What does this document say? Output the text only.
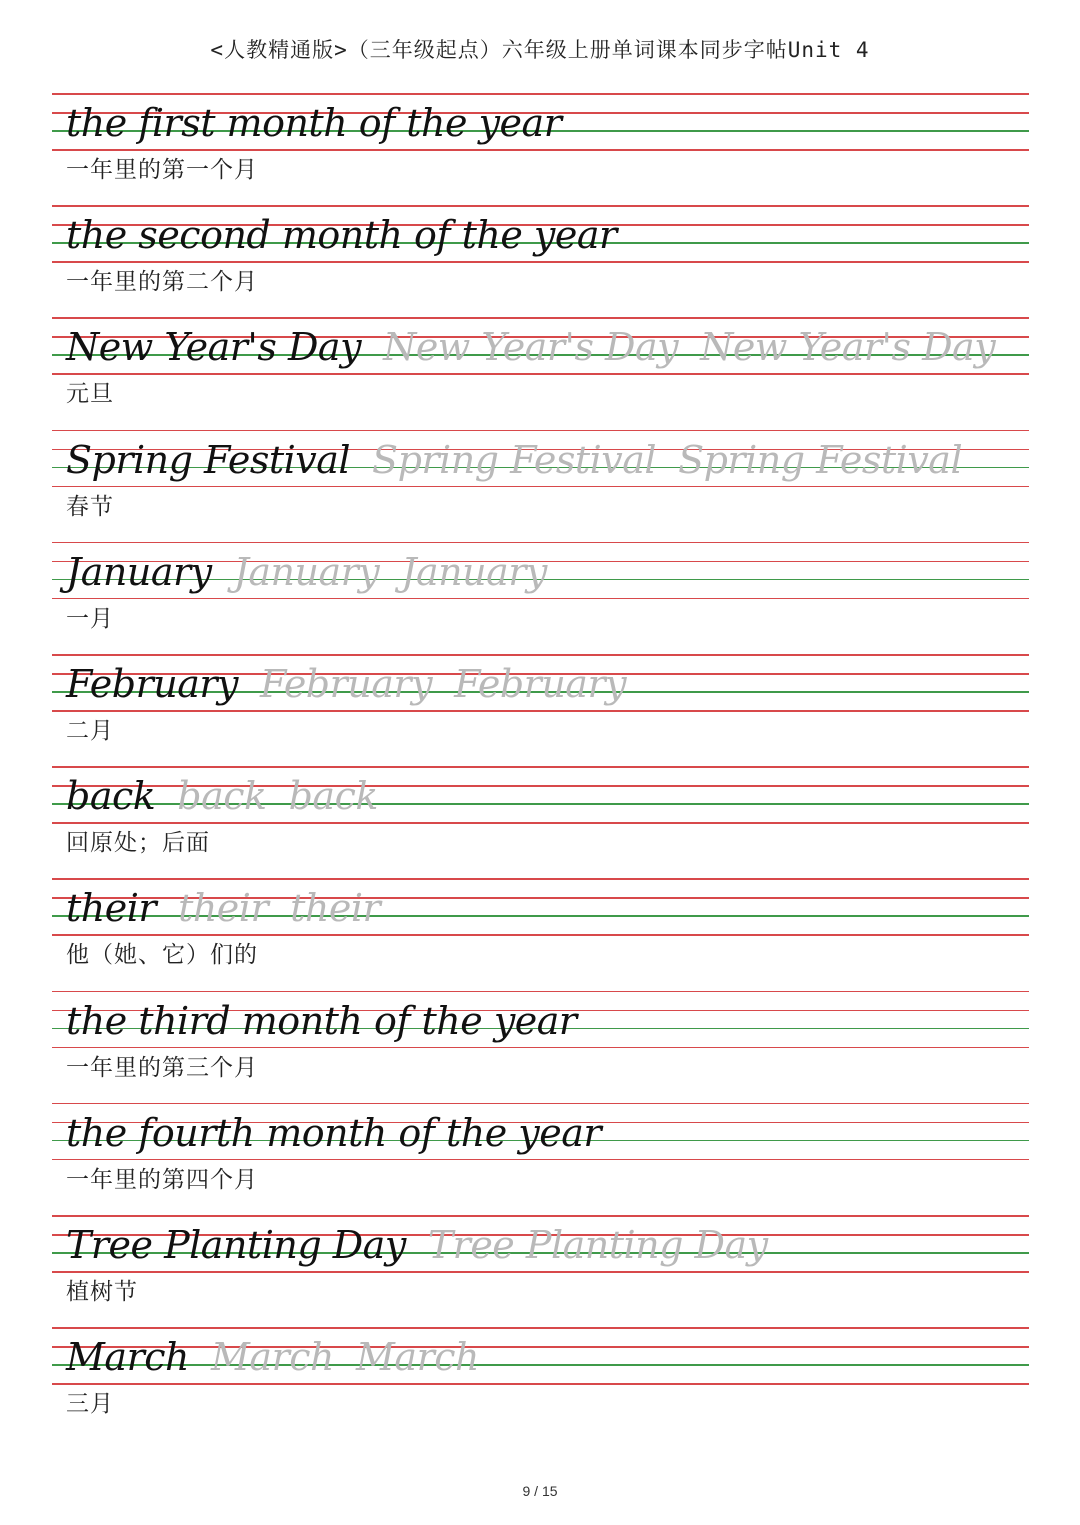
<人教精通版>（三年级起点）六年级上册单词课本同步字帖Unit 4
the first month of the year
一年里的第一个月
the second month of the year
一年里的第二个月
New Year's Day New Year's Day New Year's Day
元旦
Spring Festival Spring Festival Spring Festival
春节
January January January
一月
February February February
二月
back back back
回原处；后面
their their their
他（她、它）们的
the third month of the year
一年里的第三个月
the fourth month of the year
一年里的第四个月
Tree Planting Day Tree Planting Day
植树节
March March March
三月
9 / 15
